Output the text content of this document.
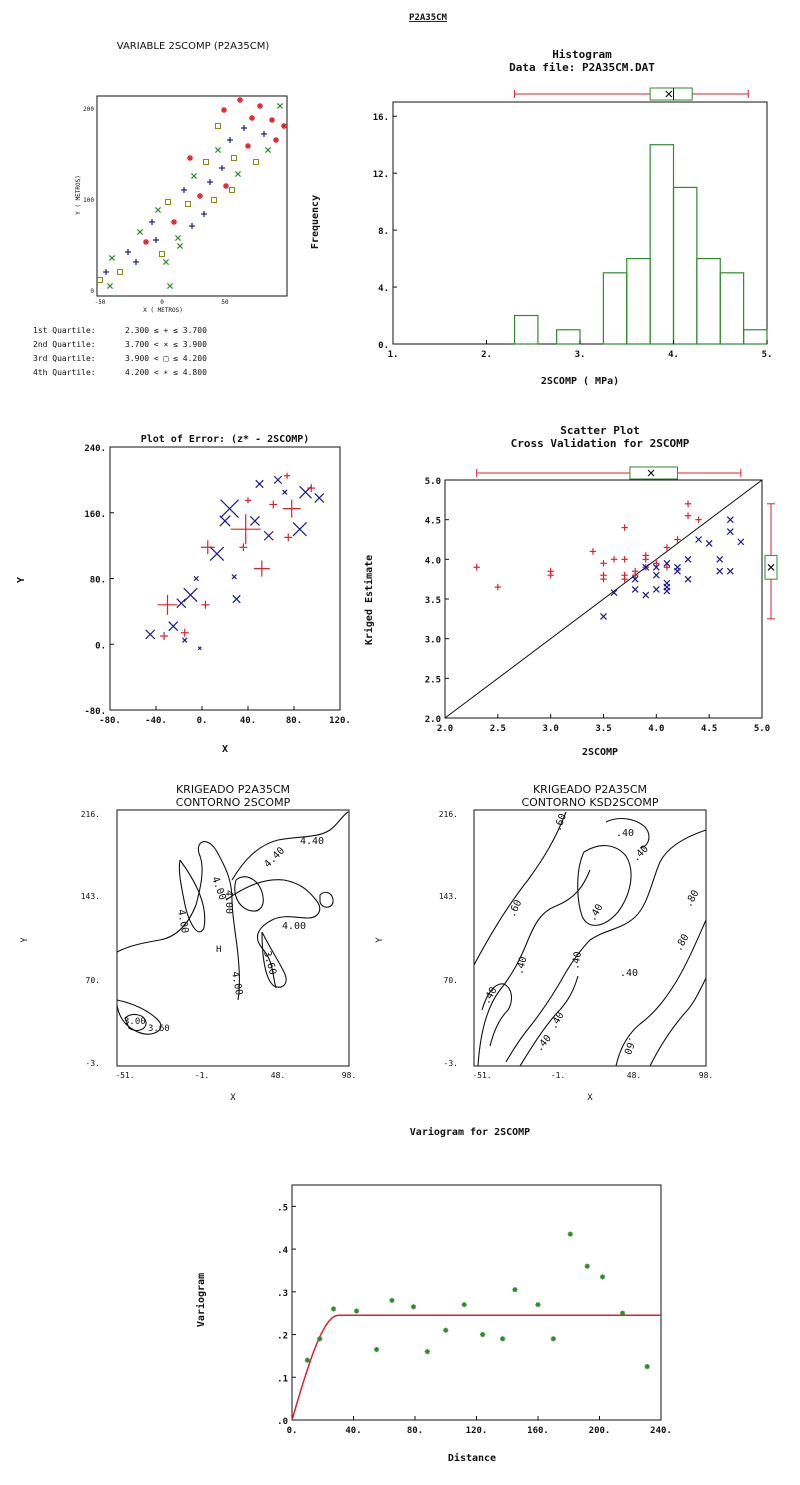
P2A35CM
VARIABLE 2SCOMP (P2A35CM)
X ( METROS)
Y ( METROS)
-50	0	50
0
100
200
1st Quartile:	2.300 ≤ + ≤ 3.700
2nd Quartile:	3.700 < × ≤ 3.900
3rd Quartile:	3.900 < □ ≤ 4.200
4th Quartile:	4.200 < ∗ ≤ 4.800
Histogram
Data file: P2A35CM.DAT
1.	2.	3.	4.	5.
0.
4.
8.
12.
16.
2SCOMP ( MPa)
Frequency
Plot of Error: (z* - 2SCOMP)
-80.	-40.	0.	40.	80.	120.
-80.
0.
80.
160.
240.
X
Y
Scatter Plot
Cross Validation for 2SCOMP
2.0	2.5	3.0	3.5	4.0	4.5	5.0
2.0
2.5
3.0
3.5
4.0
4.5
5.0
2SCOMP
Kriged Estimate
KRIGEADO P2A35CM
CONTORNO 2SCOMP
4.40
4.40
4.00
4.00
4.00
4.00
4.00
3.60
3.60
3.00
H
216.
143.
70.
-3.
-51.	-1.	48.	98.
X
Y
KRIGEADO P2A35CM
CONTORNO KSD2SCOMP
.60
.40
.60	.40
.40	.40
.40
.40
.80
.80
.60
.40
.40
.40
216.
143.
70.
-3.
-51.	-1.	48.	98.
X
Y
Variogram for 2SCOMP
0.	40.	80.	120.	160.	200.	240.
.0
.1
.2
.3
.4
.5
Distance
Variogram
